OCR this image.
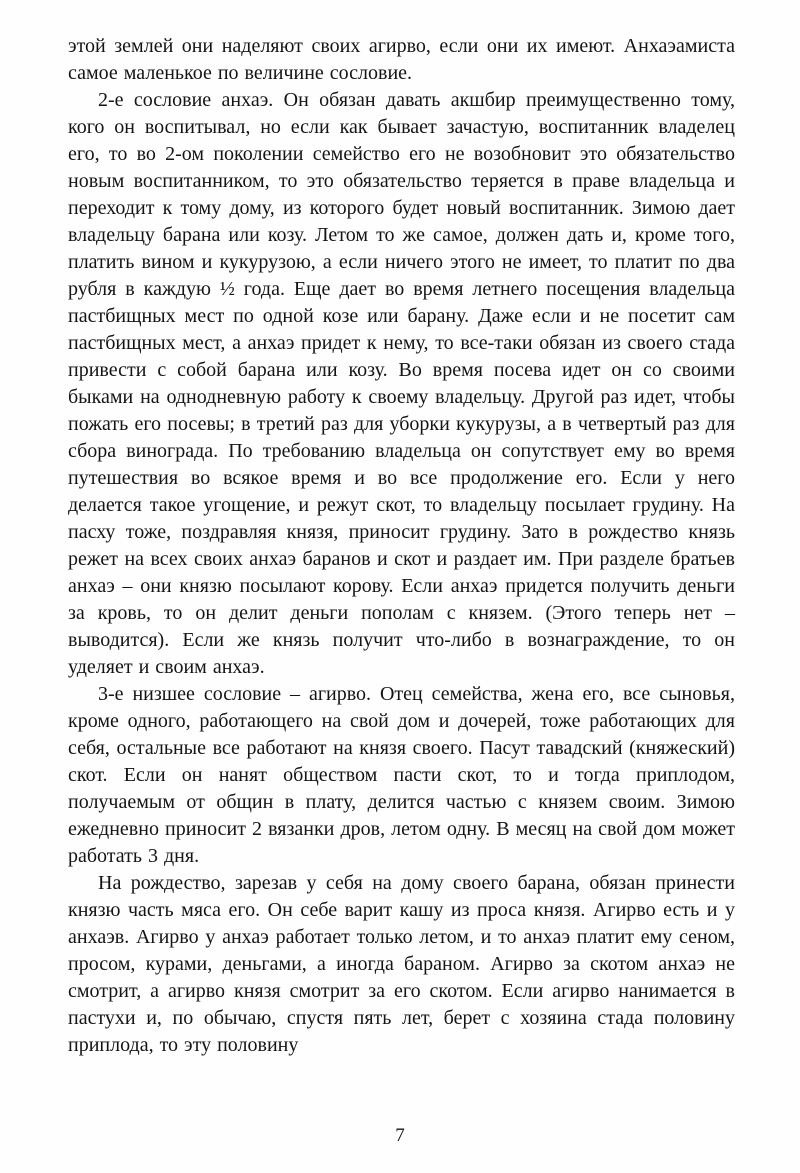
этой землей они наделяют своих агирво, если они их имеют. Анхаэамиста самое маленькое по величине сословие.

2-е сословие анхаэ. Он обязан давать акшбир преимущественно тому, кого он воспитывал, но если как бывает зачастую, воспитанник владелец его, то во 2-ом поколении семейство его не возобновит это обязательство новым воспитанником, то это обязательство теряется в праве владельца и переходит к тому дому, из которого будет новый воспитанник. Зимою дает владельцу барана или козу. Летом то же самое, должен дать и, кроме того, платить вином и кукурузою, а если ничего этого не имеет, то платит по два рубля в каждую ½ года. Еще дает во время летнего посещения владельца пастбищных мест по одной козе или барану. Даже если и не посетит сам пастбищных мест, а анхаэ придет к нему, то все-таки обязан из своего стада привести с собой барана или козу. Во время посева идет он со своими быками на однодневную работу к своему владельцу. Другой раз идет, чтобы пожать его посевы; в третий раз для уборки кукурузы, а в четвертый раз для сбора винограда. По требованию владельца он сопутствует ему во время путешествия во всякое время и во все продолжение его. Если у него делается такое угощение, и режут скот, то владельцу посылает грудину. На пасху тоже, поздравляя князя, приносит грудину. Зато в рождество князь режет на всех своих анхаэ баранов и скот и раздает им. При разделе братьев анхаэ – они князю посылают корову. Если анхаэ придется получить деньги за кровь, то он делит деньги пополам с князем. (Этого теперь нет – выводится). Если же князь получит что-либо в вознаграждение, то он уделяет и своим анхаэ.

3-е низшее сословие – агирво. Отец семейства, жена его, все сыновья, кроме одного, работающего на свой дом и дочерей, тоже работающих для себя, остальные все работают на князя своего. Пасут тавадский (княжеский) скот. Если он нанят обществом пасти скот, то и тогда приплодом, получаемым от общин в плату, делится частью с князем своим. Зимою ежедневно приносит 2 вязанки дров, летом одну. В месяц на свой дом может работать 3 дня.

На рождество, зарезав у себя на дому своего барана, обязан принести князю часть мяса его. Он себе варит кашу из проса князя. Агирво есть и у анхаэв. Агирво у анхаэ работает только летом, и то анхаэ платит ему сеном, просом, курами, деньгами, а иногда бараном. Агирво за скотом анхаэ не смотрит, а агирво князя смотрит за его скотом. Если агирво нанимается в пастухи и, по обычаю, спустя пять лет, берет с хозяина стада половину приплода, то эту половину

7
